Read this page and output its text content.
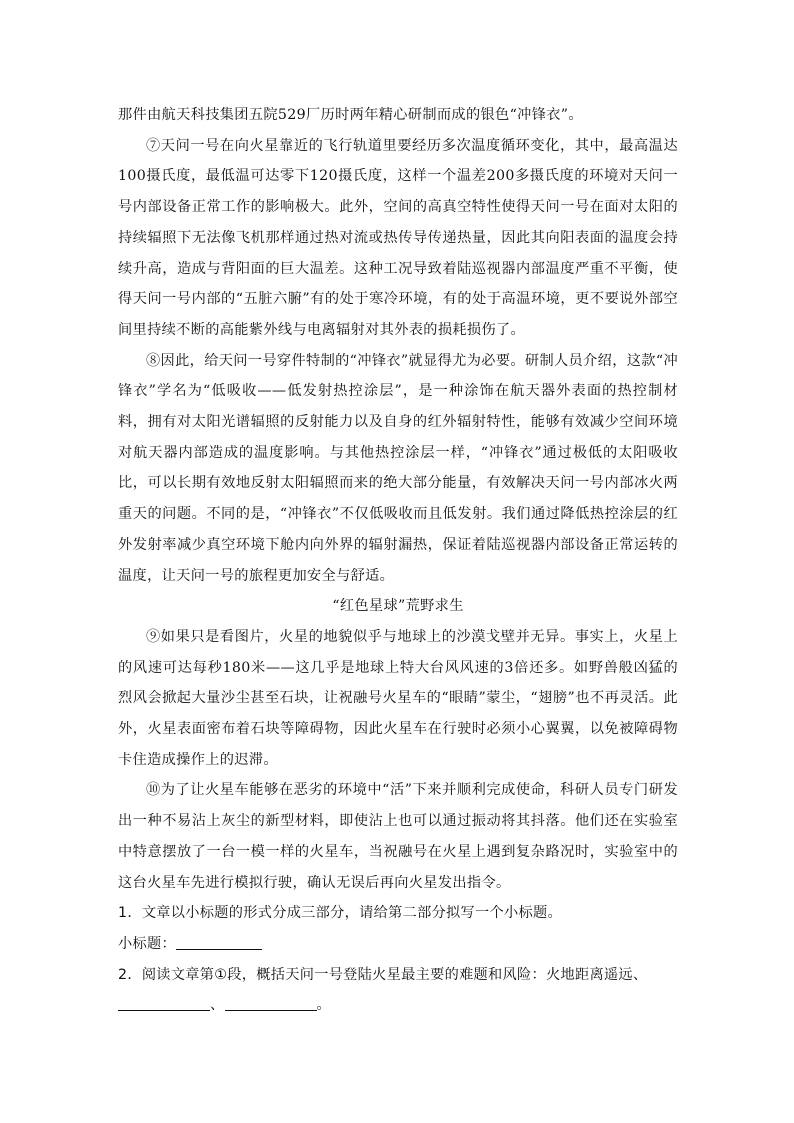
那件由航天科技集团五院529厂历时两年精心研制而成的银色“冲锋衣”。

⑦天问一号在向火星靠近的飞行轨道里要经历多次温度循环变化，其中，最高温达100摄氏度，最低温可达零下120摄氏度，这样一个温差200多摄氏度的环境对天问一号内部设备正常工作的影响极大。此外，空间的高真空特性使得天问一号在面对太阳的持续辐照下无法像飞机那样通过热对流或热传导传递热量，因此其向阳表面的温度会持续升高，造成与背阳面的巨大温差。这种工况导致着陆巡视器内部温度严重不平衡，使得天问一号内部的“五脏六腑”有的处于寒冷环境，有的处于高温环境，更不要说外部空间里持续不断的高能紫外线与电离辐射对其外表的损耗损伤了。

⑧因此，给天问一号穿件特制的“冲锋衣”就显得尤为必要。研制人员介绍，这款“冲锋衣”学名为“低吸收——低发射热控涂层”，是一种涂饰在航天器外表面的热控制材料，拥有对太阳光谱辐照的反射能力以及自身的红外辐射特性，能够有效减少空间环境对航天器内部造成的温度影响。与其他热控涂层一样，“冲锋衣”通过极低的太阳吸收比，可以长期有效地反射太阳辐照而来的绝大部分能量，有效解决天问一号内部冰火两重天的问题。不同的是，“冲锋衣”不仅低吸收而且低发射。我们通过降低热控涂层的红外发射率减少真空环境下舱内向外界的辐射漏热，保证着陆巡视器内部设备正常运转的温度，让天问一号的旅程更加安全与舒适。

“红色星球”荒野求生

⑨如果只是看图片，火星的地貌似乎与地球上的沙漠戈壁并无异。事实上，火星上的风速可达每秒180米——这几乎是地球上特大台风风速的3倍还多。如野兽般凶猛的烈风会掀起大量沙尘甚至石块，让祝融号火星车的“眼睛”蒙尘，“翅膀”也不再灵活。此外，火星表面密布着石块等障碍物，因此火星车在行驶时必须小心翼翼，以免被障碍物卡住造成操作上的迟滞。

⑩为了让火星车能够在恶劣的环境中“活”下来并顺利完成使命，科研人员专门研发出一种不易沾上灰尘的新型材料，即使沾上也可以通过振动将其抖落。他们还在实验室中特意摆放了一台一模一样的火星车，当祝融号在火星上遇到复杂路况时，实验室中的这台火星车先进行模拟行驶，确认无误后再向火星发出指令。

1．文章以小标题的形式分成三部分，请给第二部分拟写一个小标题。

小标题：

2．阅读文章第①段，概括天问一号登陆火星最主要的难题和风险：火地距离遥远、

、	。
